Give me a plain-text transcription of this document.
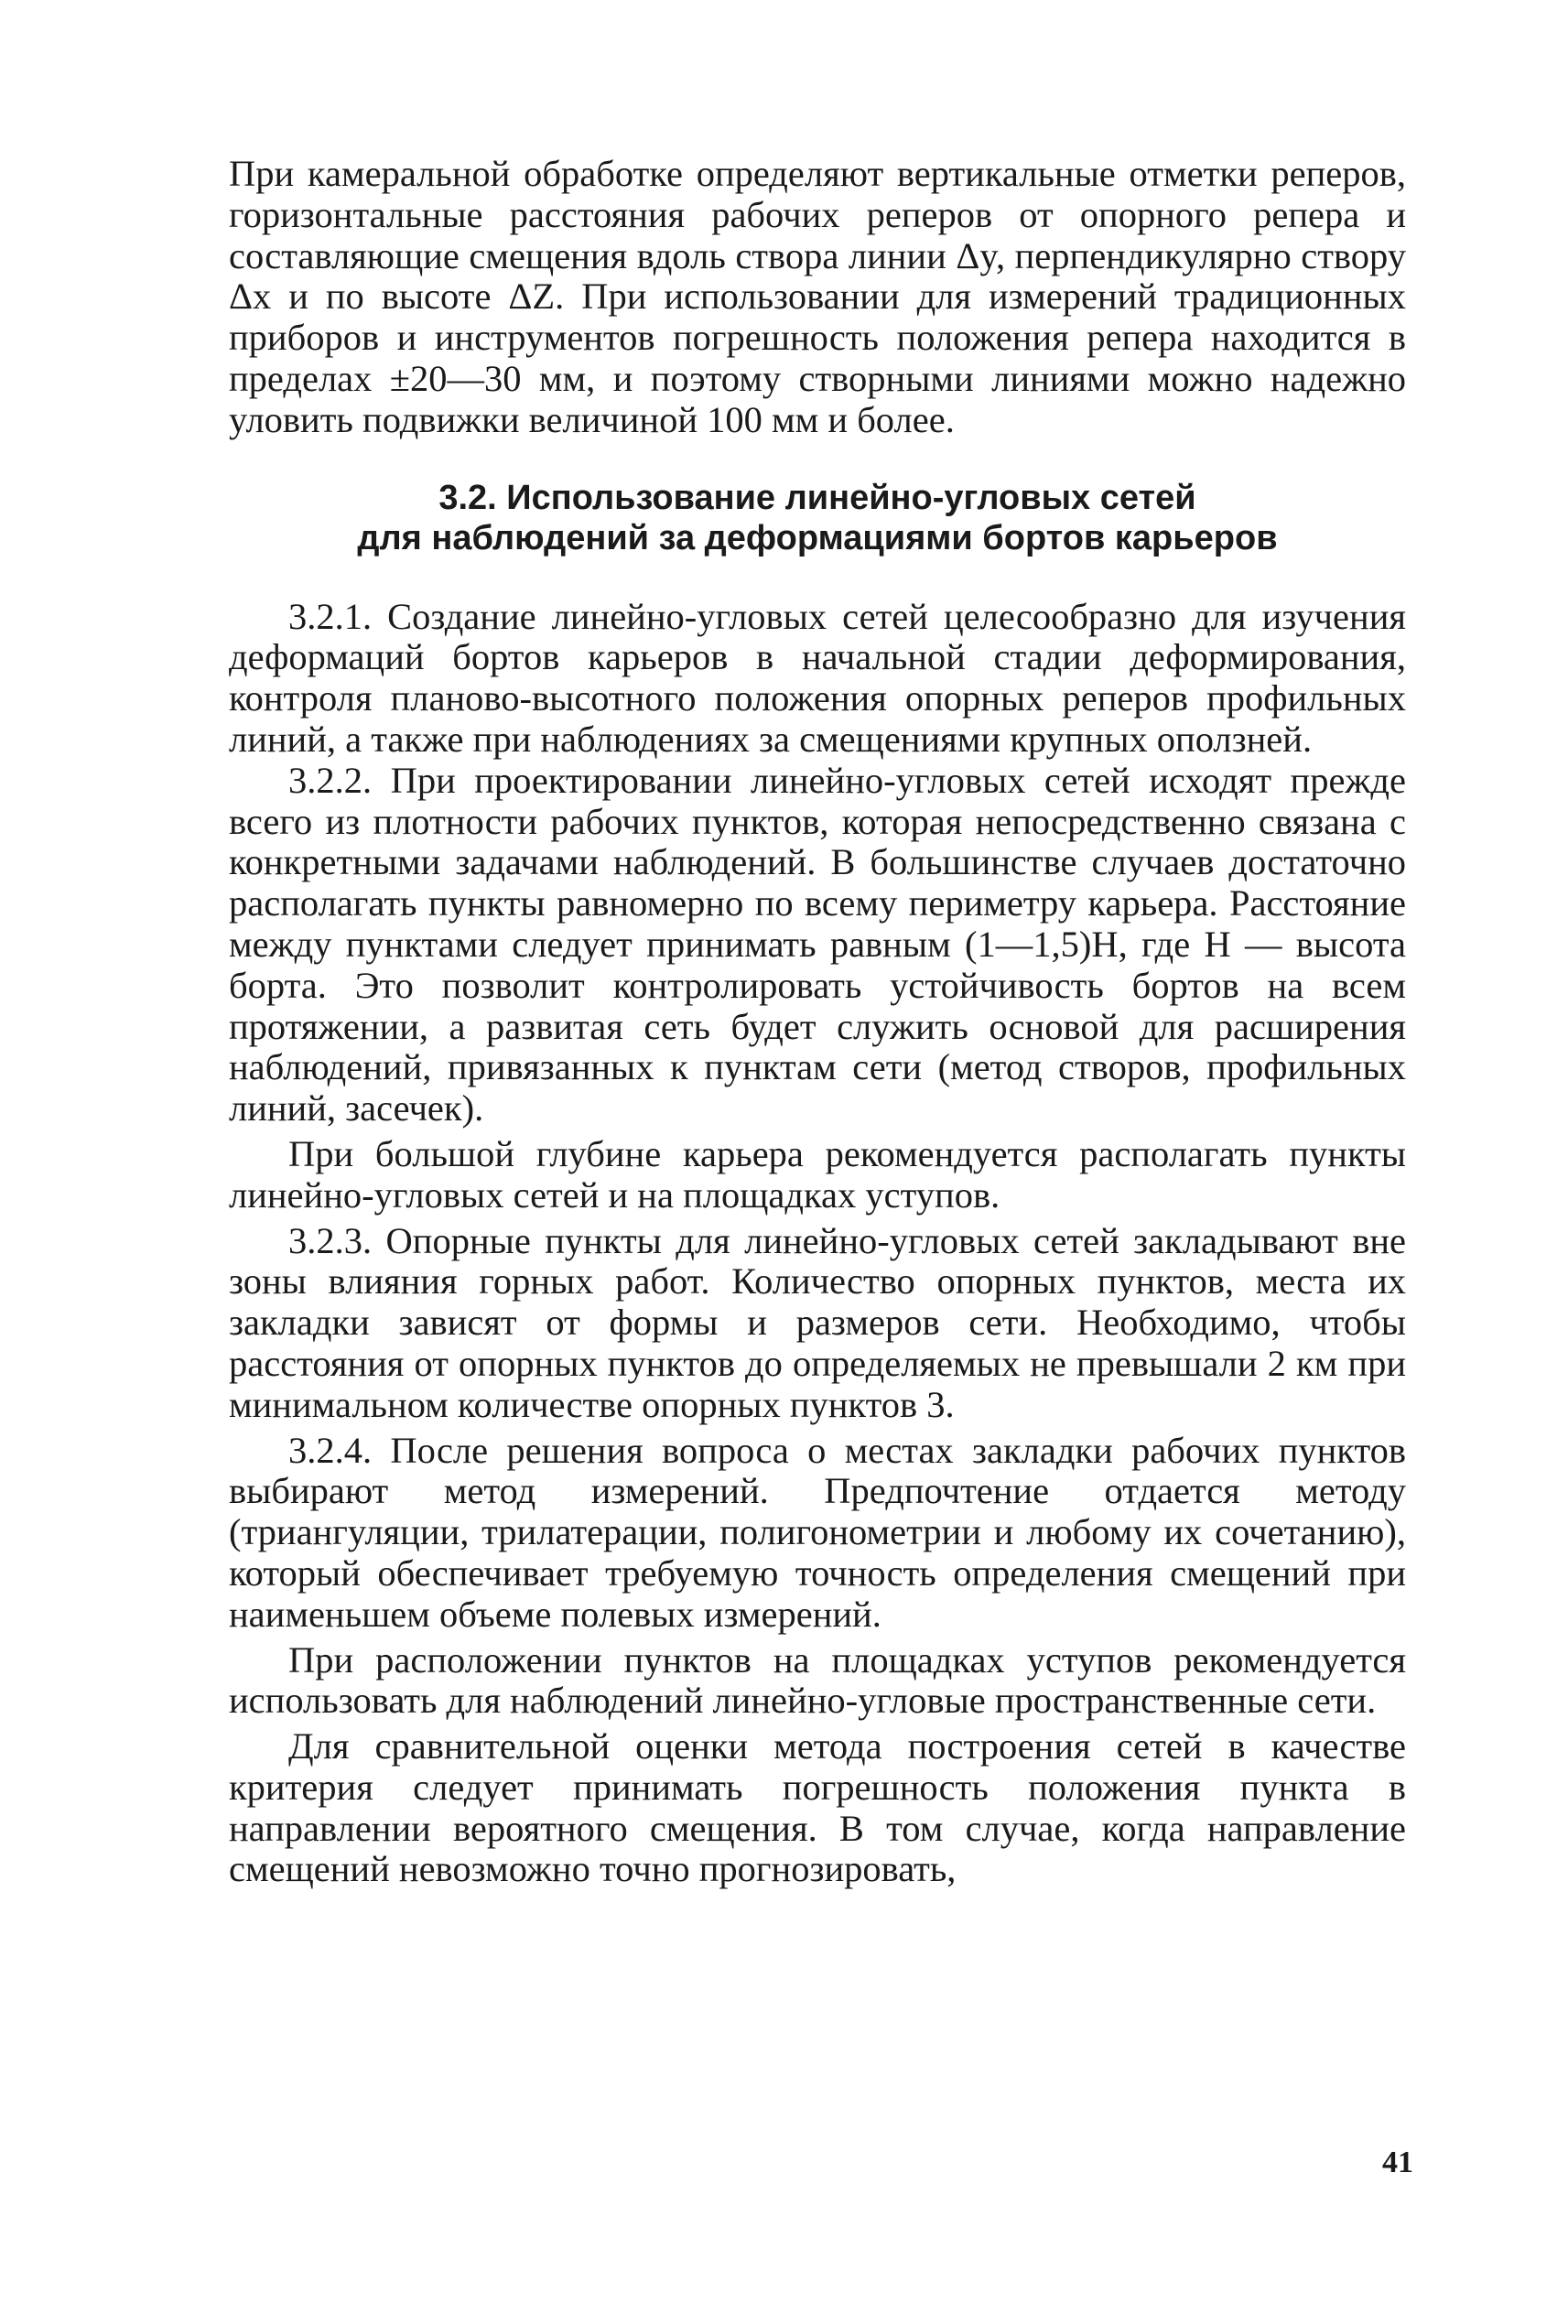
При камеральной обработке определяют вертикальные отметки реперов, горизонтальные расстояния рабочих реперов от опорного репера и составляющие смещения вдоль створа линии Δy, перпендикулярно створу Δx и по высоте ΔZ. При использовании для измерений традиционных приборов и инструментов погрешность положения репера находится в пределах ±20—30 мм, и поэтому створными линиями можно надежно уловить подвижки величиной 100 мм и более.

3.2. Использование линейно-угловых сетей
для наблюдений за деформациями бортов карьеров

3.2.1. Создание линейно-угловых сетей целесообразно для изучения деформаций бортов карьеров в начальной стадии деформирования, контроля планово-высотного положения опорных реперов профильных линий, а также при наблюдениях за смещениями крупных оползней.

3.2.2. При проектировании линейно-угловых сетей исходят прежде всего из плотности рабочих пунктов, которая непосредственно связана с конкретными задачами наблюдений. В большинстве случаев достаточно располагать пункты равномерно по всему периметру карьера. Расстояние между пунктами следует принимать равным (1—1,5)H, где H — высота борта. Это позволит контролировать устойчивость бортов на всем протяжении, а развитая сеть будет служить основой для расширения наблюдений, привязанных к пунктам сети (метод створов, профильных линий, засечек).

При большой глубине карьера рекомендуется располагать пункты линейно-угловых сетей и на площадках уступов.

3.2.3. Опорные пункты для линейно-угловых сетей закладывают вне зоны влияния горных работ. Количество опорных пунктов, места их закладки зависят от формы и размеров сети. Необходимо, чтобы расстояния от опорных пунктов до определяемых не превышали 2 км при минимальном количестве опорных пунктов 3.

3.2.4. После решения вопроса о местах закладки рабочих пунктов выбирают метод измерений. Предпочтение отдается методу (триангуляции, трилатерации, полигонометрии и любому их сочетанию), который обеспечивает требуемую точность определения смещений при наименьшем объеме полевых измерений.

При расположении пунктов на площадках уступов рекомендуется использовать для наблюдений линейно-угловые пространственные сети.

Для сравнительной оценки метода построения сетей в качестве критерия следует принимать погрешность положения пункта в направлении вероятного смещения. В том случае, когда направление смещений невозможно точно прогнозировать,

41
